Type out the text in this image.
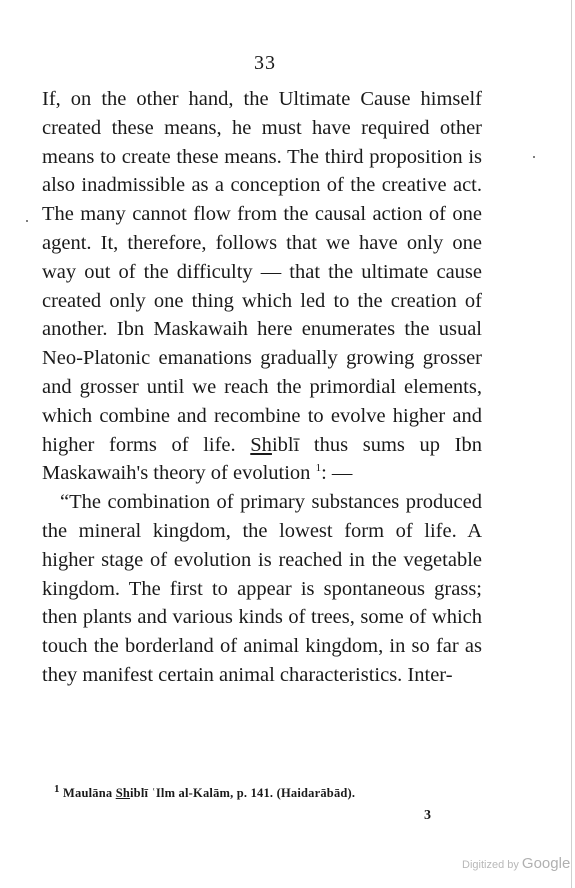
33

If, on the other hand, the Ultimate Cause himself created these means, he must have required other means to create these means. The third proposition is also inadmissible as a conception of the creative act. The many cannot flow from the causal action of one agent. It, therefore, follows that we have only one way out of the difficulty — that the ultimate cause created only one thing which led to the creation of another. Ibn Maskawaih here enumerates the usual Neo-Platonic emanations gradually growing grosser and grosser until we reach the primordial elements, which combine and recombine to evolve higher and higher forms of life. Shiblī thus sums up Ibn Maskawaih's theory of evolution $^1$: —

“The combination of primary substances produced the mineral kingdom, the lowest form of life. A higher stage of evolution is reached in the vegetable kingdom. The first to appear is spontaneous grass; then plants and various kinds of trees, some of which touch the borderland of animal kingdom, in so far as they manifest certain animal characteristics. Inter-

$^1$ Maulāna Shiblī ʿIlm al-Kalām, p. 141. (Haidarābād).

3
Digitized by Google
